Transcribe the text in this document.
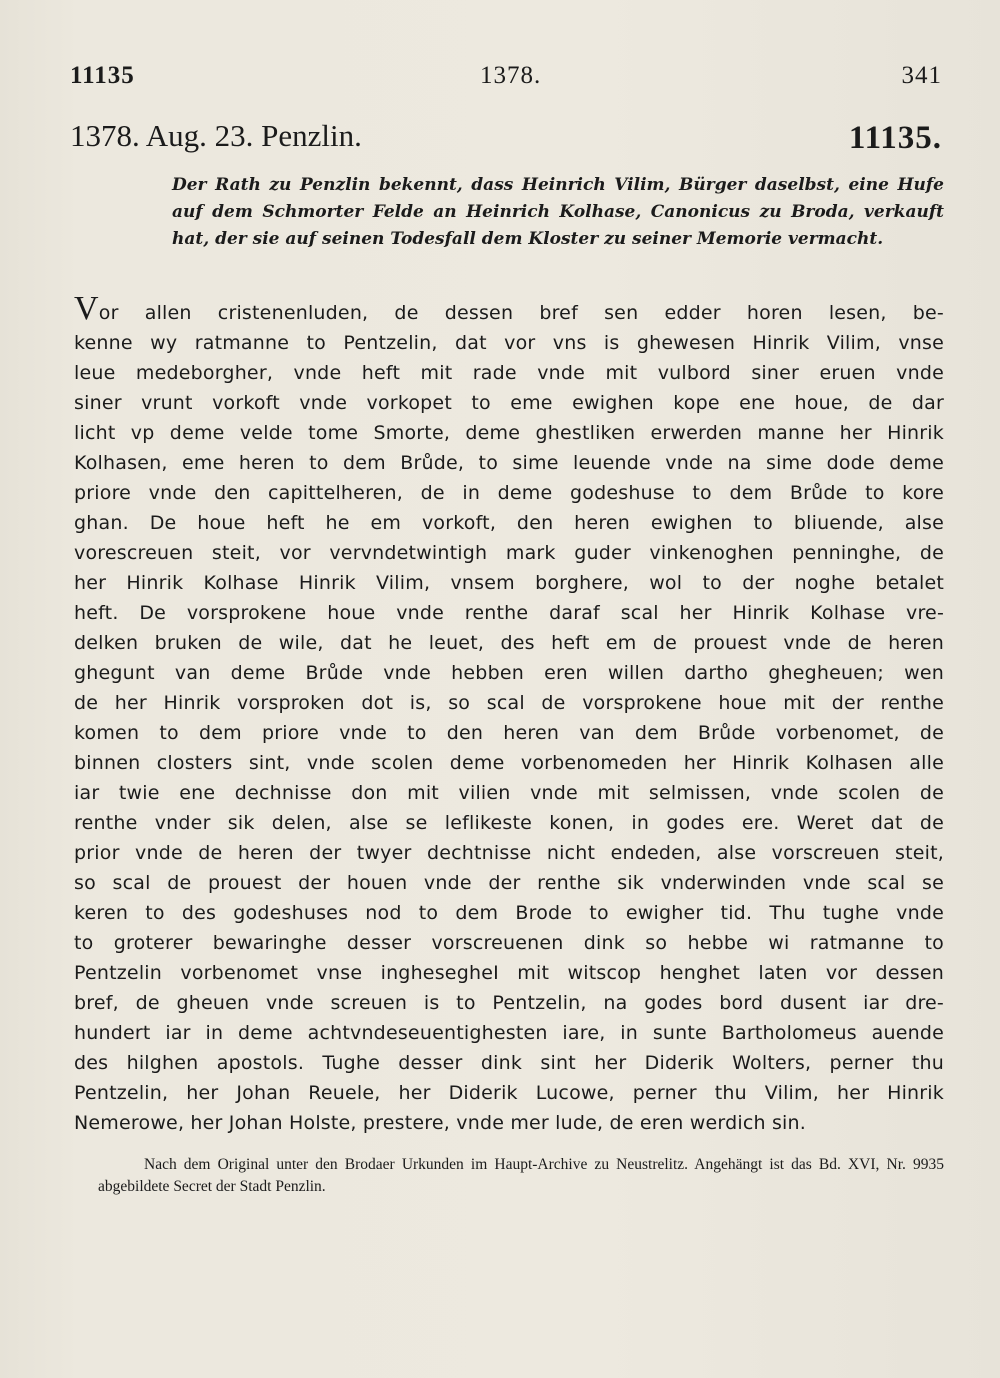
11135	1378.	341
1378. Aug. 23. Penzlin.	11135.
Der Rath zu Penzlin bekennt, dass Heinrich Vilim, Bürger daselbst, eine Hufe auf dem Schmorter Felde an Heinrich Kolhase, Canonicus zu Broda, verkauft hat, der sie auf seinen Todesfall dem Kloster zu seiner Memorie vermacht.
Vor allen cristenenluden, de dessen bref sen edder horen lesen, be-
kenne wy ratmanne to Pentzelin, dat vor vns is ghewesen Hinrik Vilim, vnse
leue medeborgher, vnde heft mit rade vnde mit vulbord siner eruen vnde
siner vrunt vorkoft vnde vorkopet to eme ewighen kope ene houe, de dar
licht vp deme velde tome Smorte, deme ghestliken erwerden manne her Hinrik
Kolhasen, eme heren to dem Brůde, to sime leuende vnde na sime dode deme
priore vnde den capittelheren, de in deme godeshuse to dem Brůde to kore
ghan. De houe heft he em vorkoft, den heren ewighen to bliuende, alse
vorescreuen steit, vor vervndetwintigh mark guder vinkenoghen penninghe, de
her Hinrik Kolhase Hinrik Vilim, vnsem borghere, wol to der noghe betalet
heft. De vorsprokene houe vnde renthe daraf scal her Hinrik Kolhase vre-
delken bruken de wile, dat he leuet, des heft em de prouest vnde de heren
ghegunt van deme Brůde vnde hebben eren willen dartho ghegheuen; wen
de her Hinrik vorsproken dot is, so scal de vorsprokene houe mit der renthe
komen to dem priore vnde to den heren van dem Brůde vorbenomet, de
binnen closters sint, vnde scolen deme vorbenomeden her Hinrik Kolhasen alle
iar twie ene dechnisse don mit vilien vnde mit selmissen, vnde scolen de
renthe vnder sik delen, alse se leflikeste konen, in godes ere. Weret dat de
prior vnde de heren der twyer dechtnisse nicht endeden, alse vorscreuen steit,
so scal de prouest der houen vnde der renthe sik vnderwinden vnde scal se
keren to des godeshuses nod to dem Brode to ewigher tid. Thu tughe vnde
to groterer bewaringhe desser vorscreuenen dink so hebbe wi ratmanne to
Pentzelin vorbenomet vnse inghesegheI mit witscop henghet laten vor dessen
bref, de gheuen vnde screuen is to Pentzelin, na godes bord dusent iar dre-
hundert iar in deme achtvndeseuentighesten iare, in sunte Bartholomeus auende
des hilghen apostols. Tughe desser dink sint her Diderik Wolters, perner thu
Pentzelin, her Johan Reuele, her Diderik Lucowe, perner thu Vilim, her Hinrik
Nemerowe, her Johan Holste, prestere, vnde mer lude, de eren werdich sin.
Nach dem Original unter den Brodaer Urkunden im Haupt-Archive zu Neustrelitz. Angehängt ist das Bd. XVI, Nr. 9935 abgebildete Secret der Stadt Penzlin.
